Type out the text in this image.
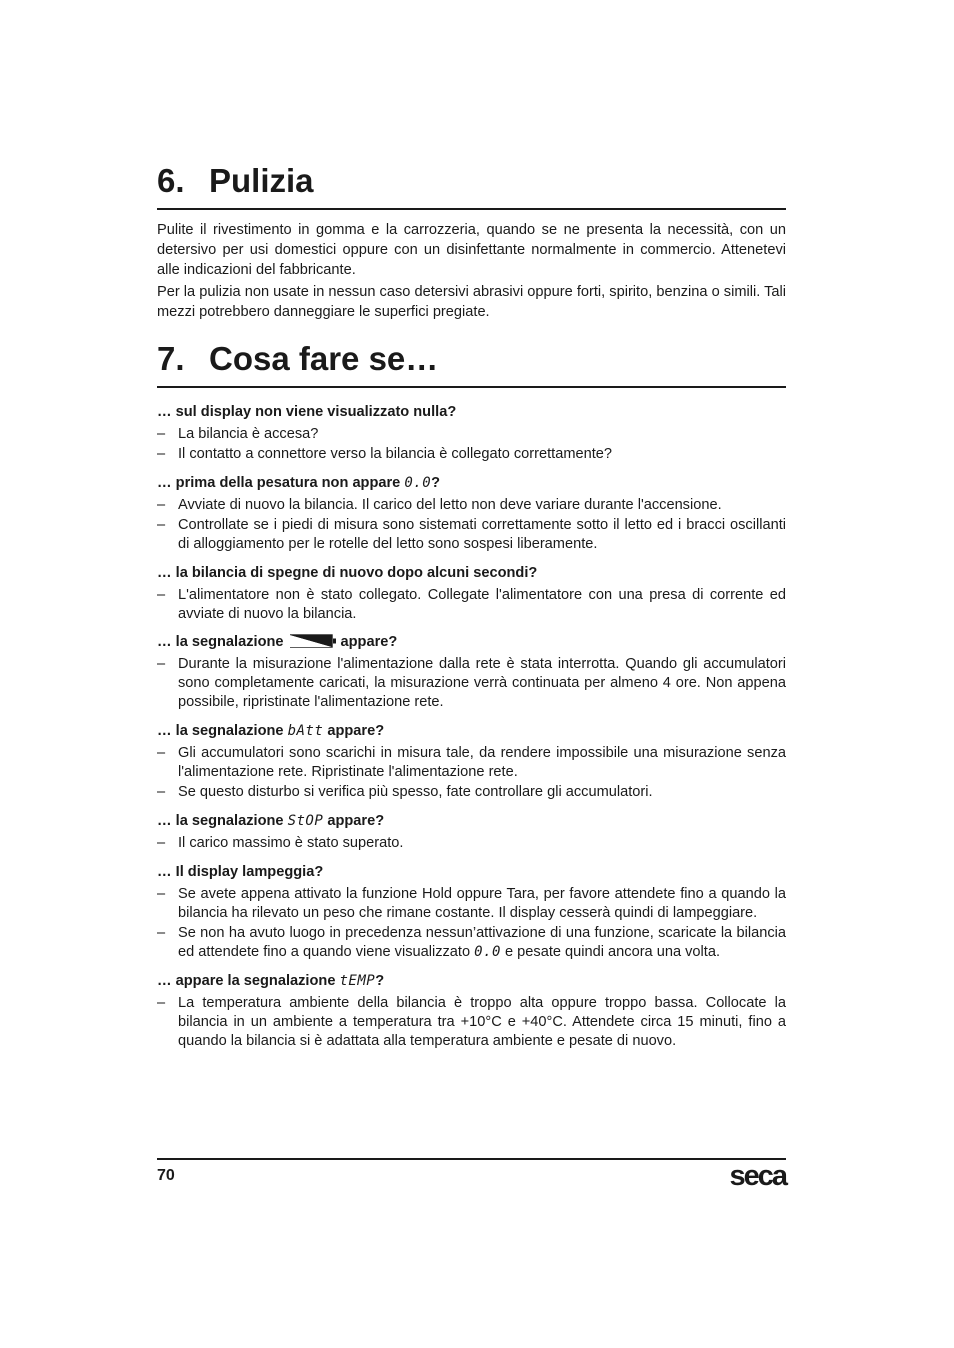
6. Pulizia

Pulite il rivestimento in gomma e la carrozzeria, quando se ne presenta la necessità, con un detersivo per usi domestici oppure con un disinfettante normalmente in commercio. Attenetevi alle indicazioni del fabbricante.

Per la pulizia non usate in nessun caso detersivi abrasivi oppure forti, spirito, benzina o simili. Tali mezzi potrebbero danneggiare le superfici pregiate.

7. Cosa fare se…

… sul display non viene visualizzato nulla?

– La bilancia è accesa?
– Il contatto a connettore verso la bilancia è collegato correttamente?

… prima della pesatura non appare 0.0?

– Avviate di nuovo la bilancia. Il carico del letto non deve variare durante l'accensione.
– Controllate se i piedi di misura sono sistemati correttamente sotto il letto ed i bracci oscillanti di alloggiamento per le rotelle del letto sono sospesi liberamente.

… la bilancia di spegne di nuovo dopo alcuni secondi?

– L'alimentatore non è stato collegato. Collegate l'alimentatore con una presa di corrente ed avviate di nuovo la bilancia.

… la segnalazione	appare?

– Durante la misurazione l'alimentazione dalla rete è stata interrotta. Quando gli accumulatori sono completamente caricati, la misurazione verrà continuata per almeno 4 ore. Non appena possibile, ripristinate l'alimentazione rete.

… la segnalazione bAtt appare?

– Gli accumulatori sono scarichi in misura tale, da rendere impossibile una misurazione senza l'alimentazione rete. Ripristinate l'alimentazione rete.
– Se questo disturbo si verifica più spesso, fate controllare gli accumulatori.

… la segnalazione StOP appare?

– Il carico massimo è stato superato.

… Il display lampeggia?

– Se avete appena attivato la funzione Hold oppure Tara, per favore attendete fino a quando la bilancia ha rilevato un peso che rimane costante. Il display cesserà quindi di lampeggiare.
– Se non ha avuto luogo in precedenza nessun’attivazione di una funzione, scaricate la bilancia ed attendete fino a quando viene visualizzato 0.0 e pesate quindi ancora una volta.

… appare la segnalazione tEMP?

– La temperatura ambiente della bilancia è troppo alta oppure troppo bassa. Collocate la bilancia in un ambiente a temperatura tra +10°C e +40°C. Attendete circa 15 minuti, fino a quando la bilancia si è adattata alla temperatura ambiente e pesate di nuovo.
70	seca
